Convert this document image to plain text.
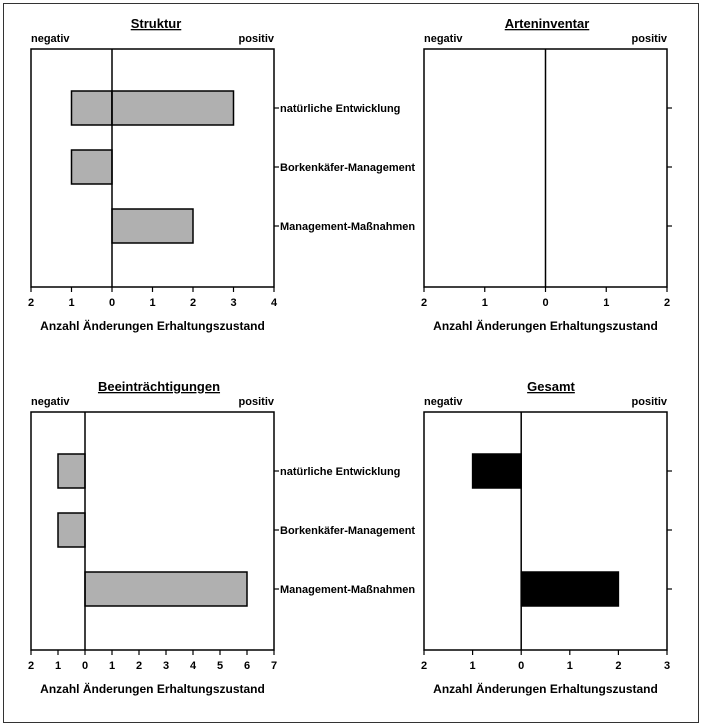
Struktur
negativ	positiv
natürliche Entwicklung
Borkenkäfer-Management
Management-Maßnahmen
2	1	0	1	2	3	4
Anzahl Änderungen Erhaltungszustand
Arteninventar
negativ	positiv
2	1	0	1	2
Anzahl Änderungen Erhaltungszustand
Beeinträchtigungen
negativ	positiv
natürliche Entwicklung
Borkenkäfer-Management
Management-Maßnahmen
2 1 0 1 2 3 4 5 6 7
Anzahl Änderungen Erhaltungszustand
Gesamt
negativ	positiv
2	1	0	1	2	3
Anzahl Änderungen Erhaltungszustand
